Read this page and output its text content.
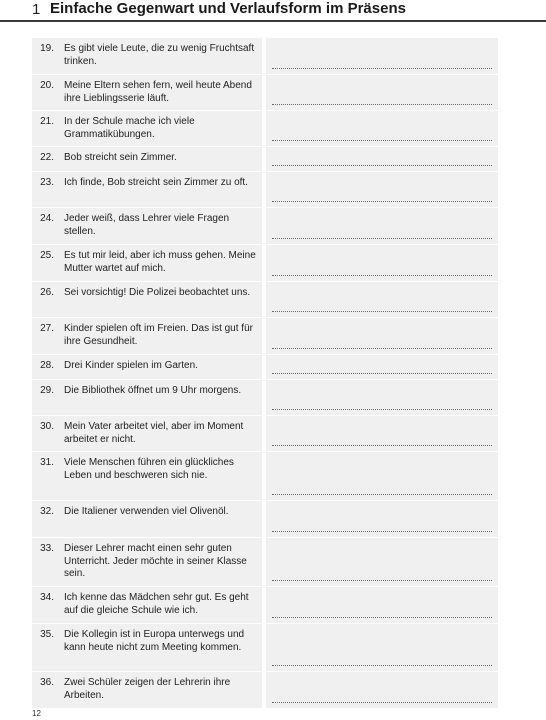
1 Einfache Gegenwart und Verlaufsform im Präsens
19. Es gibt viele Leute, die zu wenig Fruchtsaft trinken.
20. Meine Eltern sehen fern, weil heute Abend ihre Lieblingsserie läuft.
21. In der Schule mache ich viele Grammatikübungen.
22. Bob streicht sein Zimmer.
23. Ich finde, Bob streicht sein Zimmer zu oft.
24. Jeder weiß, dass Lehrer viele Fragen stellen.
25. Es tut mir leid, aber ich muss gehen. Meine Mutter wartet auf mich.
26. Sei vorsichtig! Die Polizei beobachtet uns.
27. Kinder spielen oft im Freien. Das ist gut für ihre Gesundheit.
28. Drei Kinder spielen im Garten.
29. Die Bibliothek öffnet um 9 Uhr morgens.
30. Mein Vater arbeitet viel, aber im Moment arbeitet er nicht.
31. Viele Menschen führen ein glückliches Leben und beschweren sich nie.
32. Die Italiener verwenden viel Olivenöl.
33. Dieser Lehrer macht einen sehr guten Unterricht. Jeder möchte in seiner Klasse sein.
34. Ich kenne das Mädchen sehr gut. Es geht auf die gleiche Schule wie ich.
35. Die Kollegin ist in Europa unterwegs und kann heute nicht zum Meeting kommen.
36. Zwei Schüler zeigen der Lehrerin ihre Arbeiten.
12
